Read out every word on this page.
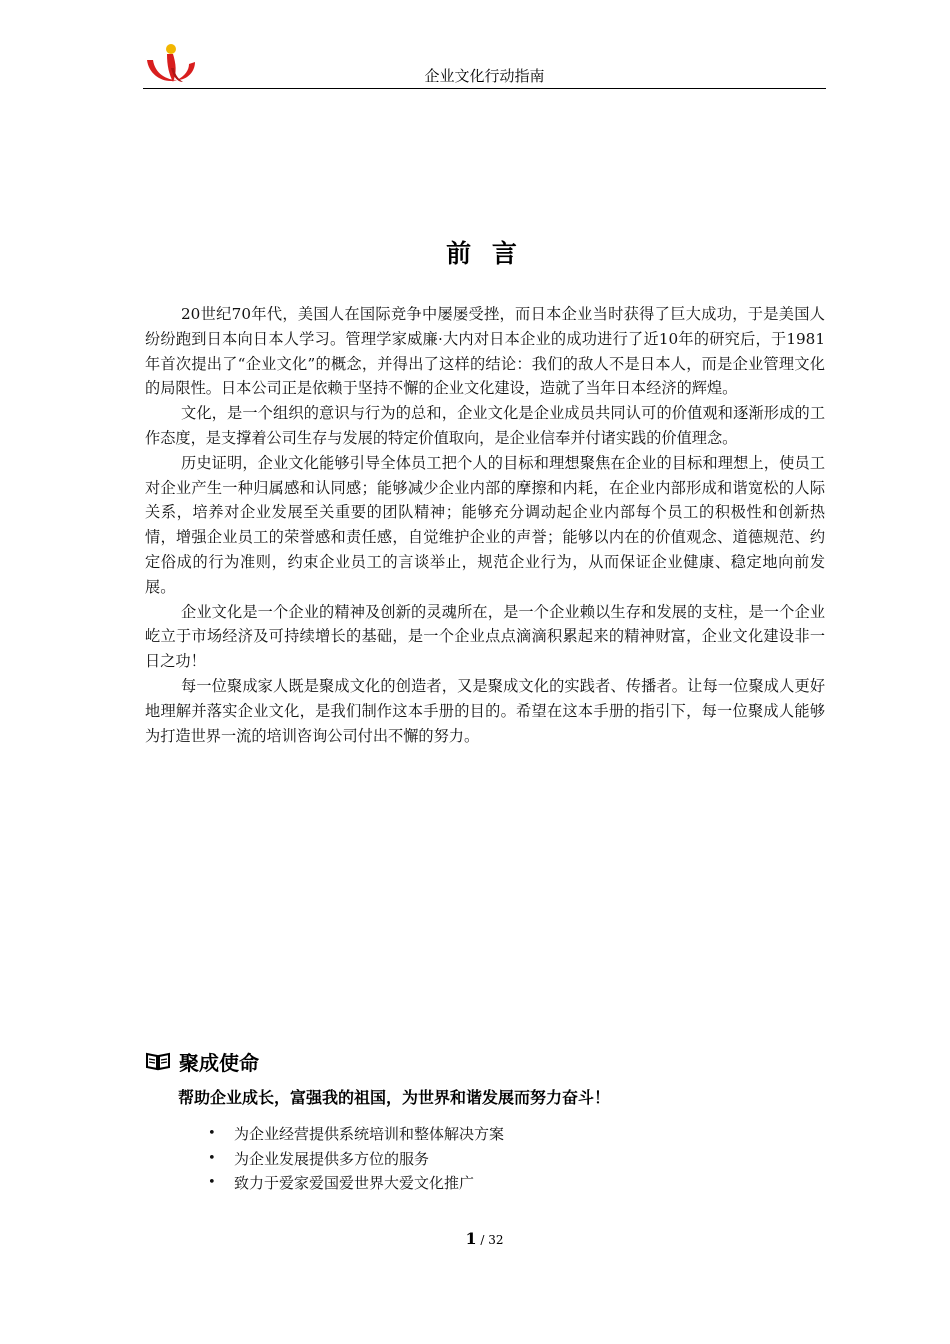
企业文化行动指南
前 言

20世纪70年代，美国人在国际竞争中屡屡受挫，而日本企业当时获得了巨大成功，于是美国人纷纷跑到日本向日本人学习。管理学家威廉·大内对日本企业的成功进行了近10年的研究后，于1981年首次提出了“企业文化”的概念，并得出了这样的结论：我们的敌人不是日本人，而是企业管理文化的局限性。日本公司正是依赖于坚持不懈的企业文化建设，造就了当年日本经济的辉煌。

文化，是一个组织的意识与行为的总和，企业文化是企业成员共同认可的价值观和逐渐形成的工作态度，是支撑着公司生存与发展的特定价值取向，是企业信奉并付诸实践的价值理念。

历史证明，企业文化能够引导全体员工把个人的目标和理想聚焦在企业的目标和理想上，使员工对企业产生一种归属感和认同感；能够减少企业内部的摩擦和内耗，在企业内部形成和谐宽松的人际关系，培养对企业发展至关重要的团队精神；能够充分调动起企业内部每个员工的积极性和创新热情，增强企业员工的荣誉感和责任感，自觉维护企业的声誉；能够以内在的价值观念、道德规范、约定俗成的行为准则，约束企业员工的言谈举止，规范企业行为，从而保证企业健康、稳定地向前发展。

企业文化是一个企业的精神及创新的灵魂所在，是一个企业赖以生存和发展的支柱，是一个企业屹立于市场经济及可持续增长的基础，是一个企业点点滴滴积累起来的精神财富，企业文化建设非一日之功！

每一位聚成家人既是聚成文化的创造者，又是聚成文化的实践者、传播者。让每一位聚成人更好地理解并落实企业文化，是我们制作这本手册的目的。希望在这本手册的指引下，每一位聚成人能够为打造世界一流的培训咨询公司付出不懈的努力。

聚成使命
帮助企业成长，富强我的祖国，为世界和谐发展而努力奋斗！
•	为企业经营提供系统培训和整体解决方案
•	为企业发展提供多方位的服务
•	致力于爱家爱国爱世界大爱文化推广
1 / 32
